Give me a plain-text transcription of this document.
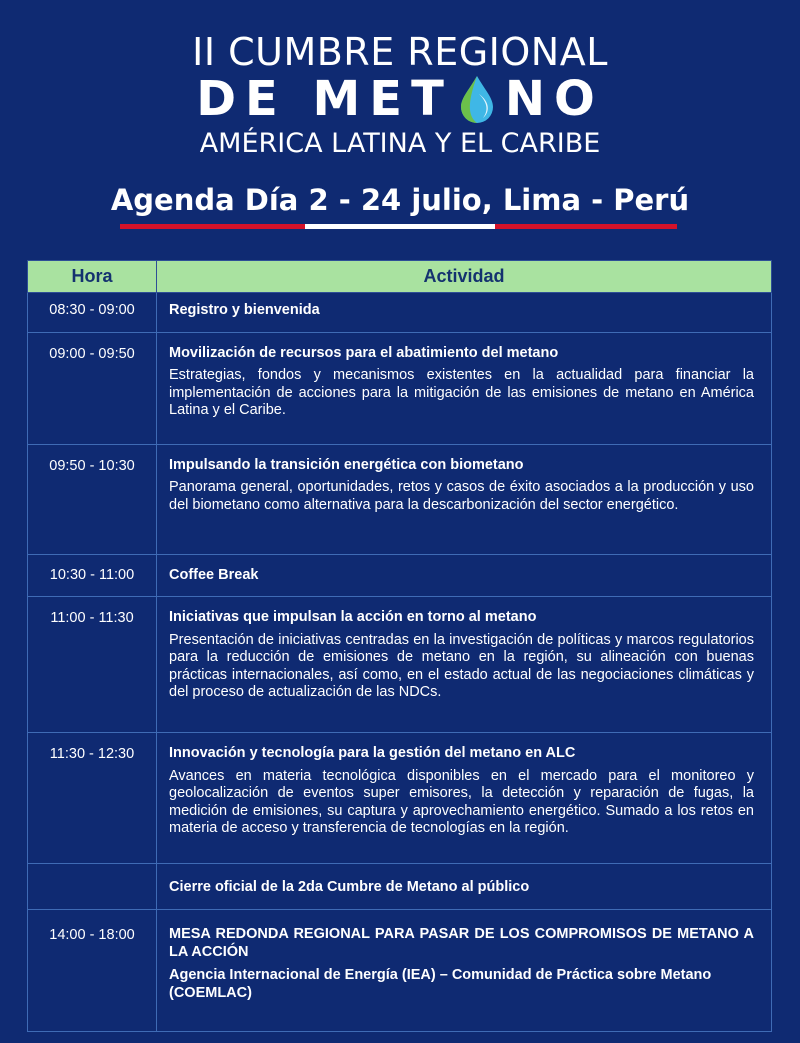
II CUMBRE REGIONAL
DE MET NO
AMÉRICA LATINA Y EL CARIBE
Agenda Día 2 - 24 julio, Lima - Perú
Hora	Actividad
08:30 - 09:00	Registro y bienvenida

09:00 - 09:50	Movilización de recursos para el abatimiento del metano
Estrategias, fondos y mecanismos existentes en la actualidad para financiar la implementación de acciones para la mitigación de las emisiones de metano en América Latina y el Caribe.

09:50 - 10:30	Impulsando la transición energética con biometano
Panorama general, oportunidades, retos y casos de éxito asociados a la producción y uso del biometano como alternativa para la descarbonización del sector energético.

10:30 - 11:00	Coffee Break

11:00 - 11:30	Iniciativas que impulsan la acción en torno al metano
Presentación de iniciativas centradas en la investigación de políticas y marcos regulatorios para la reducción de emisiones de metano en la región, su alineación con buenas prácticas internacionales, así como, en el estado actual de las negociaciones climáticas y del proceso de actualización de las NDCs.

11:30 - 12:30	Innovación y tecnología para la gestión del metano en ALC
Avances en materia tecnológica disponibles en el mercado para el monitoreo y geolocalización de eventos super emisores, la detección y reparación de fugas, la medición de emisiones, su captura y aprovechamiento energético. Sumado a los retos en materia de acceso y transferencia de tecnologías en la región.

	Cierre oficial de la 2da Cumbre de Metano al público

14:00 - 18:00	MESA REDONDA REGIONAL PARA PASAR DE LOS COMPROMISOS DE METANO A LA ACCIÓN
Agencia Internacional de Energía (IEA) – Comunidad de Práctica sobre Metano (COEMLAC)
